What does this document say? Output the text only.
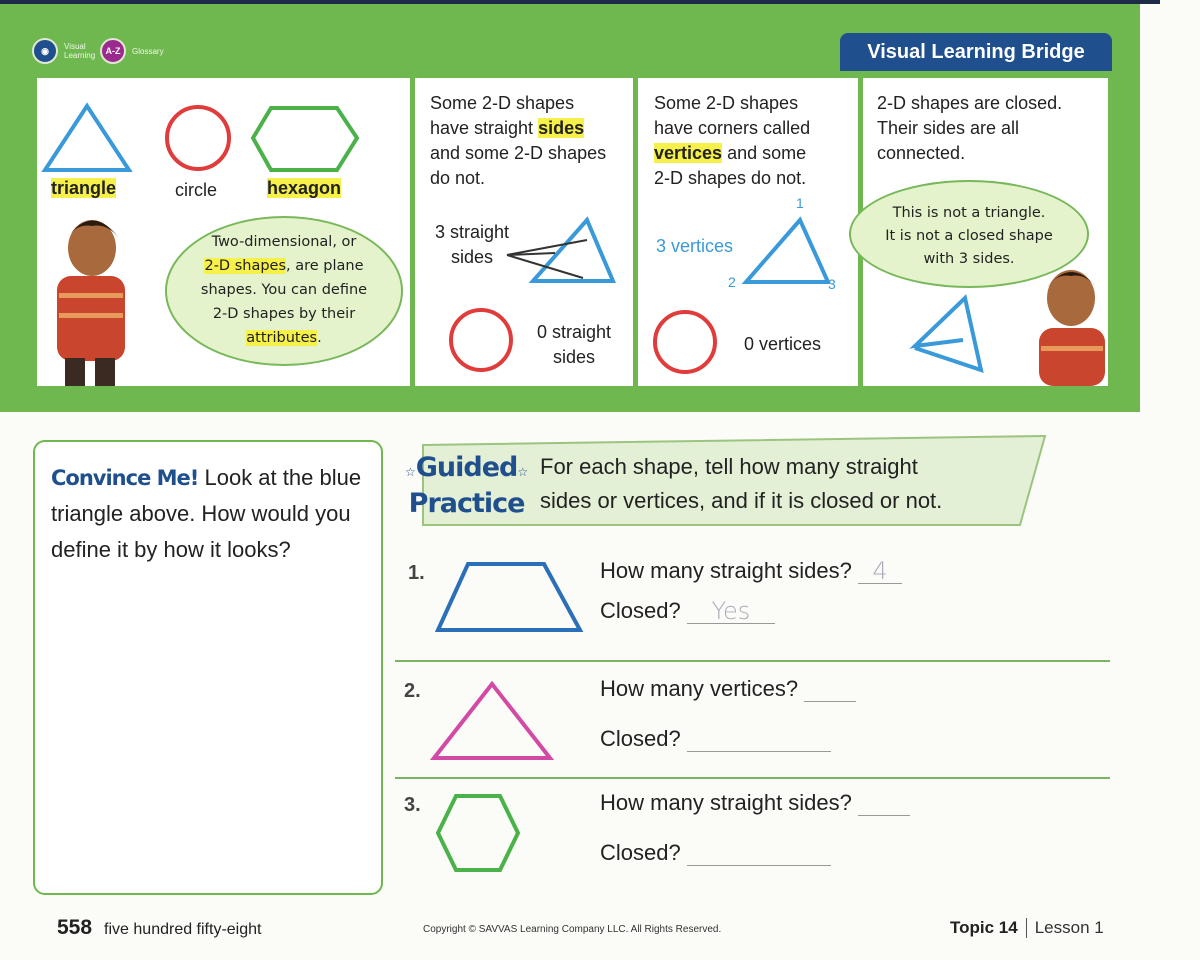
◉	Visual Learning	A-Z	Glossary	Visual Learning Bridge
triangle	circle	hexagon
Two-dimensional, or
2-D shapes, are plane
shapes. You can define
2-D shapes by their
attributes.
Some 2-D shapes
have straight sides
and some 2-D shapes
do not.
3 straight
sides
0 straight
sides
Some 2-D shapes
have corners called
vertices and some
2-D shapes do not.
3 vertices
1
2	3
0 vertices
2-D shapes are closed.
Their sides are all
connected.
This is not a triangle.
It is not a closed shape
with 3 sides.

Convince Me! Look at the blue triangle above. How would you define it by how it looks?

☆Guided☆
Practice
For each shape, tell how many straight
sides or vertices, and if it is closed or not.
1.	How many straight sides? 4
Closed? Yes
2.	How many vertices?
Closed?
3.	How many straight sides?
Closed?
558 five hundred fifty-eight	Copyright © SAVVAS Learning Company LLC. All Rights Reserved.	Topic 14	Lesson 1
